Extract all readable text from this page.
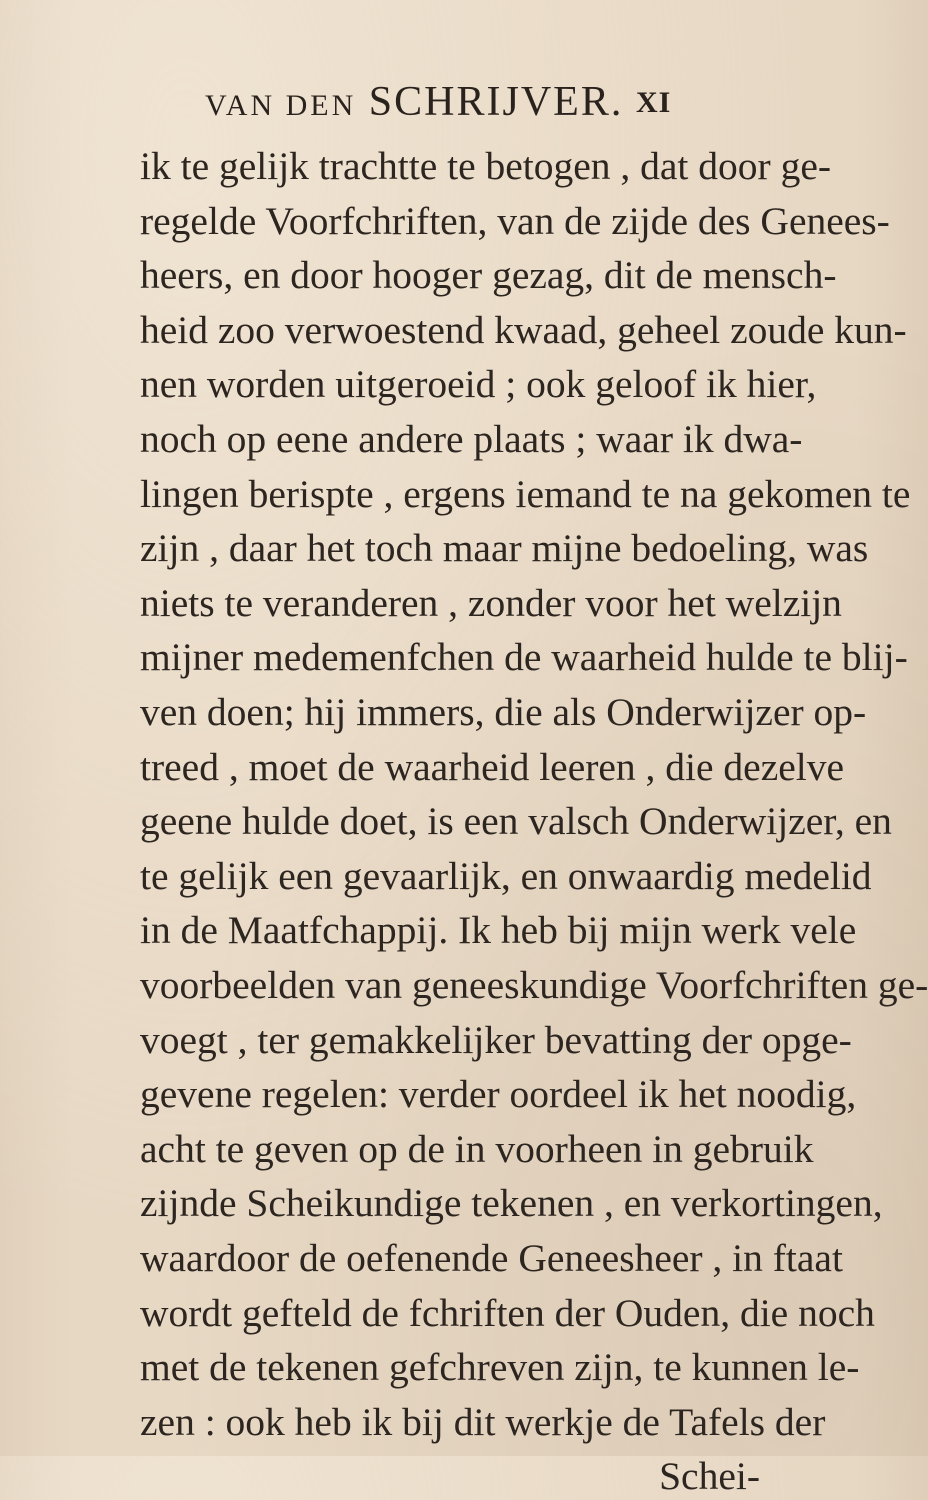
VAN DEN SCHRIJVER. XI
ik te gelijk trachtte te betogen , dat door ge-
regelde Voorfchriften, van de zijde des Genees-
heers, en door hooger gezag, dit de mensch-
heid zoo verwoestend kwaad, geheel zoude kun-
nen worden uitgeroeid ; ook geloof ik hier,
noch op eene andere plaats ; waar ik dwa-
lingen berispte , ergens iemand te na gekomen te
zijn , daar het toch maar mijne bedoeling, was
niets te veranderen , zonder voor het welzijn
mijner medemenfchen de waarheid hulde te blij-
ven doen; hij immers, die als Onderwijzer op-
treed , moet de waarheid leeren , die dezelve
geene hulde doet, is een valsch Onderwijzer, en
te gelijk een gevaarlijk, en onwaardig medelid
in de Maatfchappij. Ik heb bij mijn werk vele
voorbeelden van geneeskundige Voorfchriften ge-
voegt , ter gemakkelijker bevatting der opge-
gevene regelen: verder oordeel ik het noodig,
acht te geven op de in voorheen in gebruik
zijnde Scheikundige tekenen , en verkortingen,
waardoor de oefenende Geneesheer , in ftaat
wordt gefteld de fchriften der Ouden, die noch
met de tekenen gefchreven zijn, te kunnen le-
zen : ook heb ik bij dit werkje de Tafels der
Schei-
